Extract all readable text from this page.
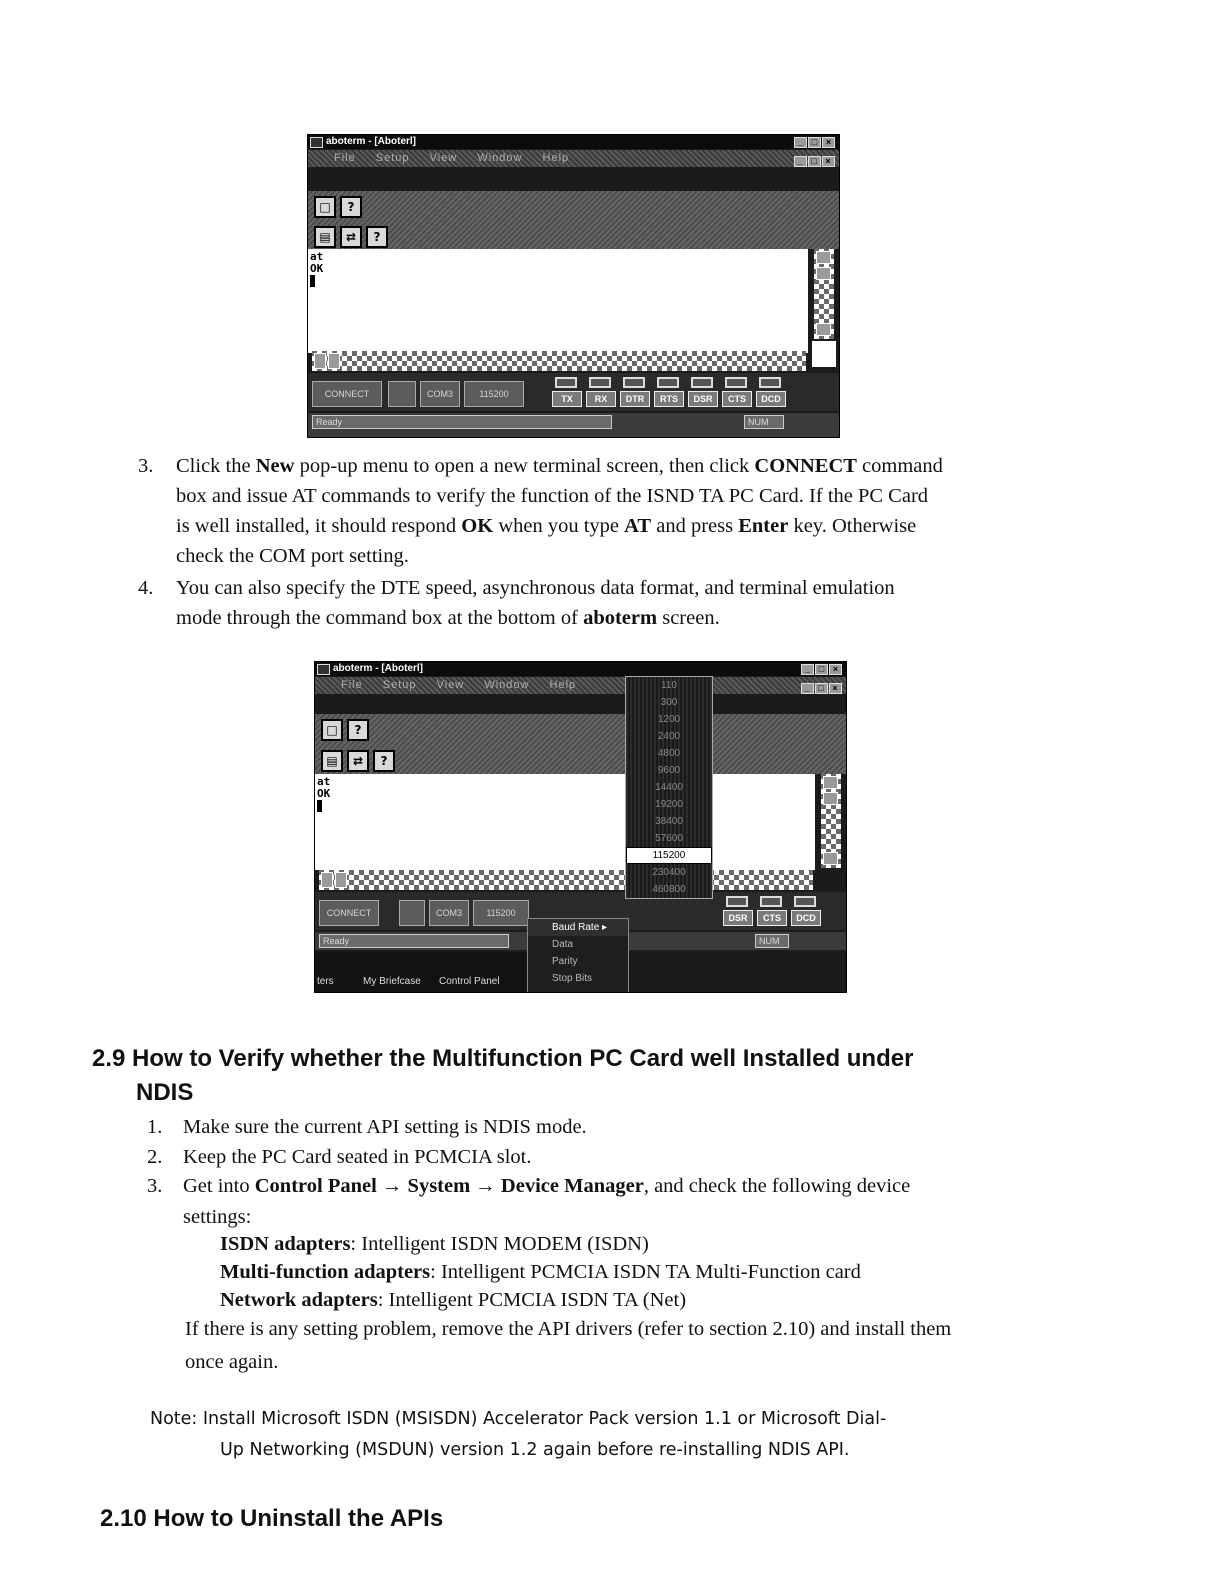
aboterm - [Aboterl]	_ □ ×
File Setup View Window Help	_ □ ×
□	?
▤	⇄	?
at
OK
CONNECT	COM3	115200	TX	RX	DTR	RTS	DSR	CTS	DCD
Ready	NUM
3. Click the New pop-up menu to open a new terminal screen, then click CONNECT command
box and issue AT commands to verify the function of the ISND TA PC Card. If the PC Card
is well installed, it should respond OK when you type AT and press Enter key. Otherwise
check the COM port setting.
4. You can also specify the DTE speed, asynchronous data format, and terminal emulation
mode through the command box at the bottom of aboterm screen.
aboterm - [Aboterl]	_ □ ×
File Setup View Window Help	_ □ ×
□	?
▤	⇄	?
at
OK
CONNECT	COM3	115200	DSR	CTS	DCD
Ready	NUM
ters	My Briefcase Control Panel
Baud Rate ▸
Data
Parity
Stop Bits
110
300
1200
2400
4800
9600
14400
19200
38400
57600
115200
230400
460800
2.9 How to Verify whether the Multifunction PC Card well Installed under
NDIS
1. Make sure the current API setting is NDIS mode.
2. Keep the PC Card seated in PCMCIA slot.
3. Get into Control Panel → System → Device Manager, and check the following device
settings:
ISDN adapters: Intelligent ISDN MODEM (ISDN)
Multi-function adapters: Intelligent PCMCIA ISDN TA Multi-Function card
Network adapters: Intelligent PCMCIA ISDN TA (Net)
If there is any setting problem, remove the API drivers (refer to section 2.10) and install them
once again.
Note: Install Microsoft ISDN (MSISDN) Accelerator Pack version 1.1 or Microsoft Dial-
Up Networking (MSDUN) version 1.2 again before re-installing NDIS API.
2.10 How to Uninstall the APIs
